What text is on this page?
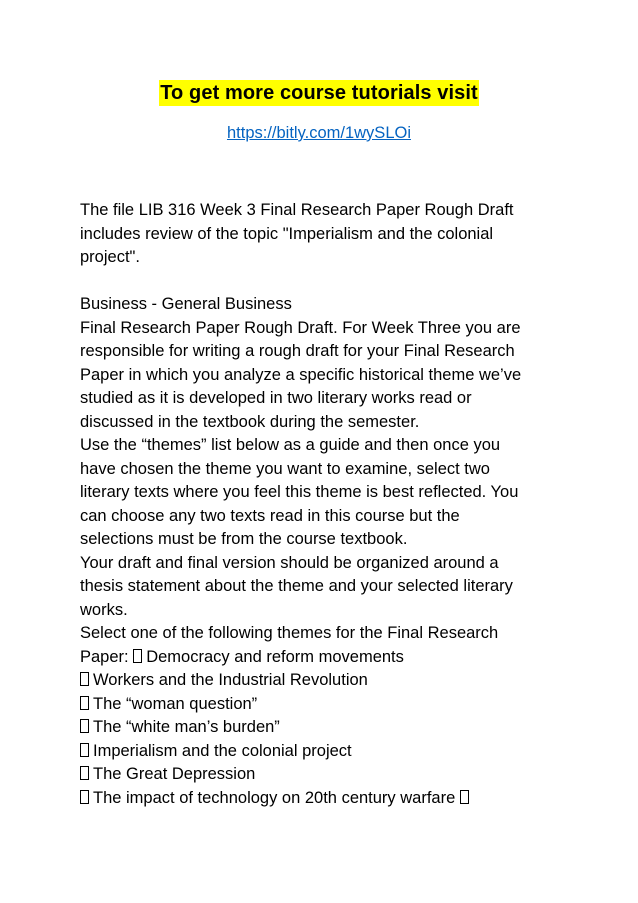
To get more course tutorials visit
https://bitly.com/1wySLOi

The file LIB 316 Week 3 Final Research Paper Rough Draft
includes review of the topic "Imperialism and the colonial
project".

Business - General Business
Final Research Paper Rough Draft. For Week Three you are
responsible for writing a rough draft for your Final Research
Paper in which you analyze a specific historical theme we’ve
studied as it is developed in two literary works read or
discussed in the textbook during the semester.
Use the “themes” list below as a guide and then once you
have chosen the theme you want to examine, select two
literary texts where you feel this theme is best reflected. You
can choose any two texts read in this course but the
selections must be from the course textbook.
Your draft and final version should be organized around a
thesis statement about the theme and your selected literary
works.
Select one of the following themes for the Final Research
Paper: Democracy and reform movements
Workers and the Industrial Revolution
The “woman question”
The “white man’s burden”
Imperialism and the colonial project
The Great Depression
The impact of technology on 20th century warfare
